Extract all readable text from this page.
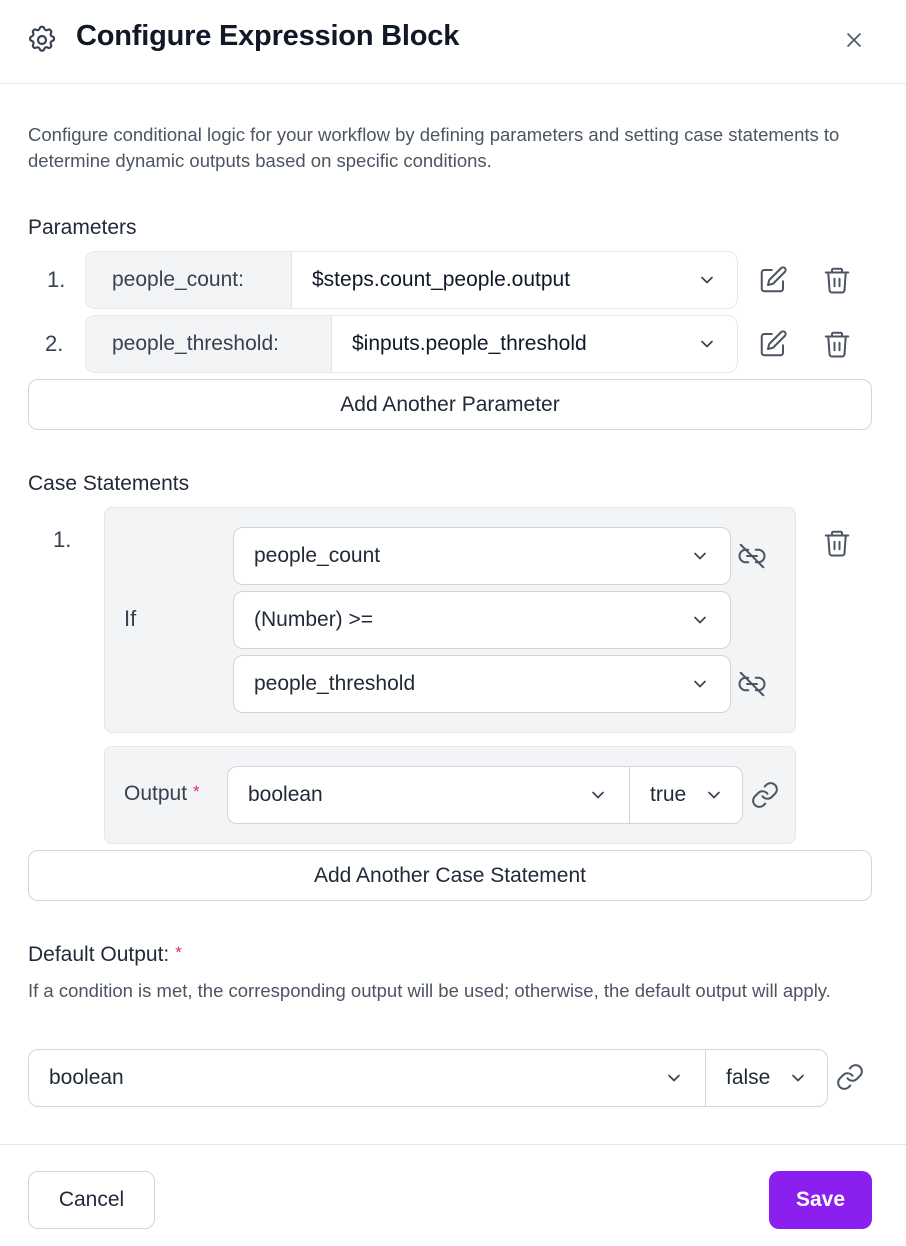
Configure Expression Block
Configure conditional logic for your workflow by defining parameters and setting case statements to determine dynamic outputs based on specific conditions.
Parameters
1.	people_count:	$steps.count_people.output
2.	people_threshold:	$inputs.people_threshold
Add Another Parameter
Case Statements
1.
If
people_count
(Number) >=
people_threshold
Output * boolean	true
Add Another Case Statement
Default Output: *
If a condition is met, the corresponding output will be used; otherwise, the default output will apply.
boolean	false
Cancel	Save
